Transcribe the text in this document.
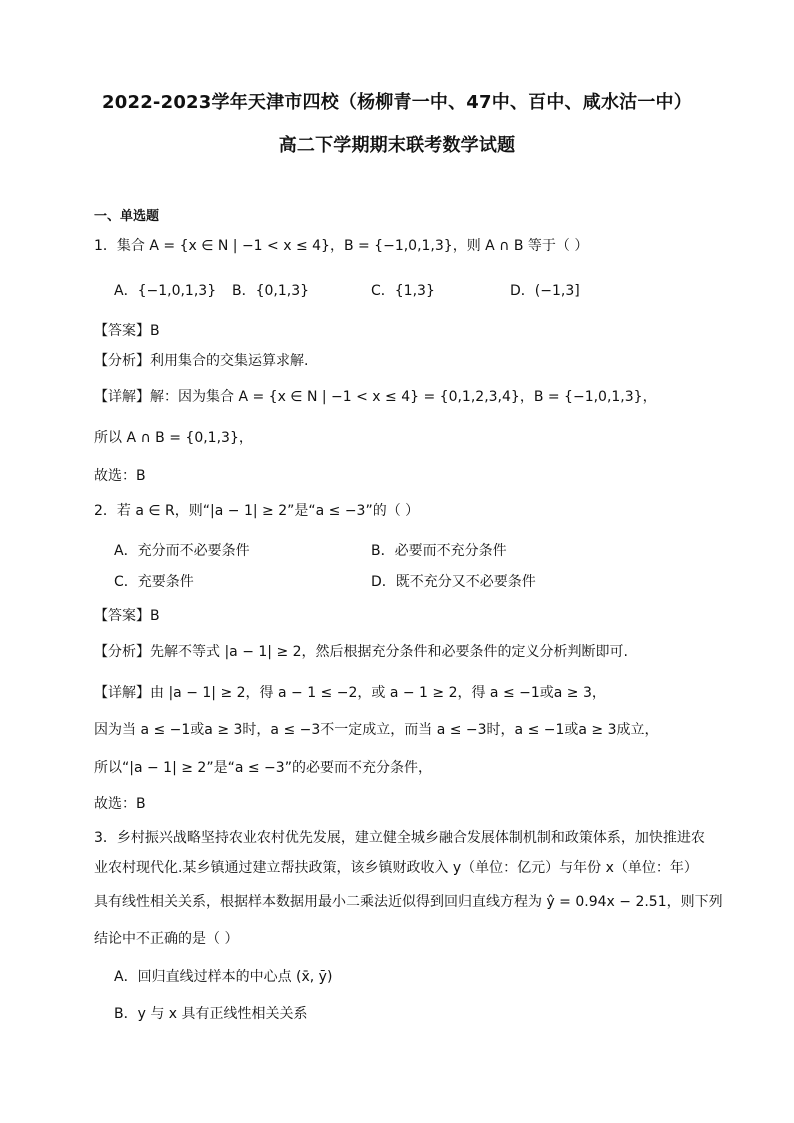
2022-2023学年天津市四校（杨柳青一中、47中、百中、咸水沽一中）
高二下学期期末联考数学试题
一、单选题
1．集合 A = {x ∈ N | −1 < x ≤ 4}，B = {−1,0,1,3}，则 A ∩ B 等于（ ）
A．{−1,0,1,3} B．{0,1,3}	C．{1,3}	D．(−1,3]
【答案】B
【分析】利用集合的交集运算求解.
【详解】解：因为集合 A = {x ∈ N | −1 < x ≤ 4} = {0,1,2,3,4}，B = {−1,0,1,3}，
所以 A ∩ B = {0,1,3}，
故选：B
2．若 a ∈ R，则“|a − 1| ≥ 2”是“a ≤ −3”的（ ）
A．充分而不必要条件	B．必要而不充分条件
C．充要条件	D．既不充分又不必要条件
【答案】B
【分析】先解不等式 |a − 1| ≥ 2，然后根据充分条件和必要条件的定义分析判断即可.
【详解】由 |a − 1| ≥ 2，得 a − 1 ≤ −2，或 a − 1 ≥ 2，得 a ≤ −1或a ≥ 3，
因为当 a ≤ −1或a ≥ 3时，a ≤ −3不一定成立，而当 a ≤ −3时，a ≤ −1或a ≥ 3成立，
所以“|a − 1| ≥ 2”是“a ≤ −3”的必要而不充分条件，
故选：B
3．乡村振兴战略坚持农业农村优先发展，建立健全城乡融合发展体制机制和政策体系，加快推进农
业农村现代化.某乡镇通过建立帮扶政策，该乡镇财政收入 y（单位：亿元）与年份 x（单位：年）
具有线性相关关系，根据样本数据用最小二乘法近似得到回归直线方程为 ŷ = 0.94x − 2.51，则下列
结论中不正确的是（ ）
A．回归直线过样本的中心点 (x̄, ȳ)
B．y 与 x 具有正线性相关关系
